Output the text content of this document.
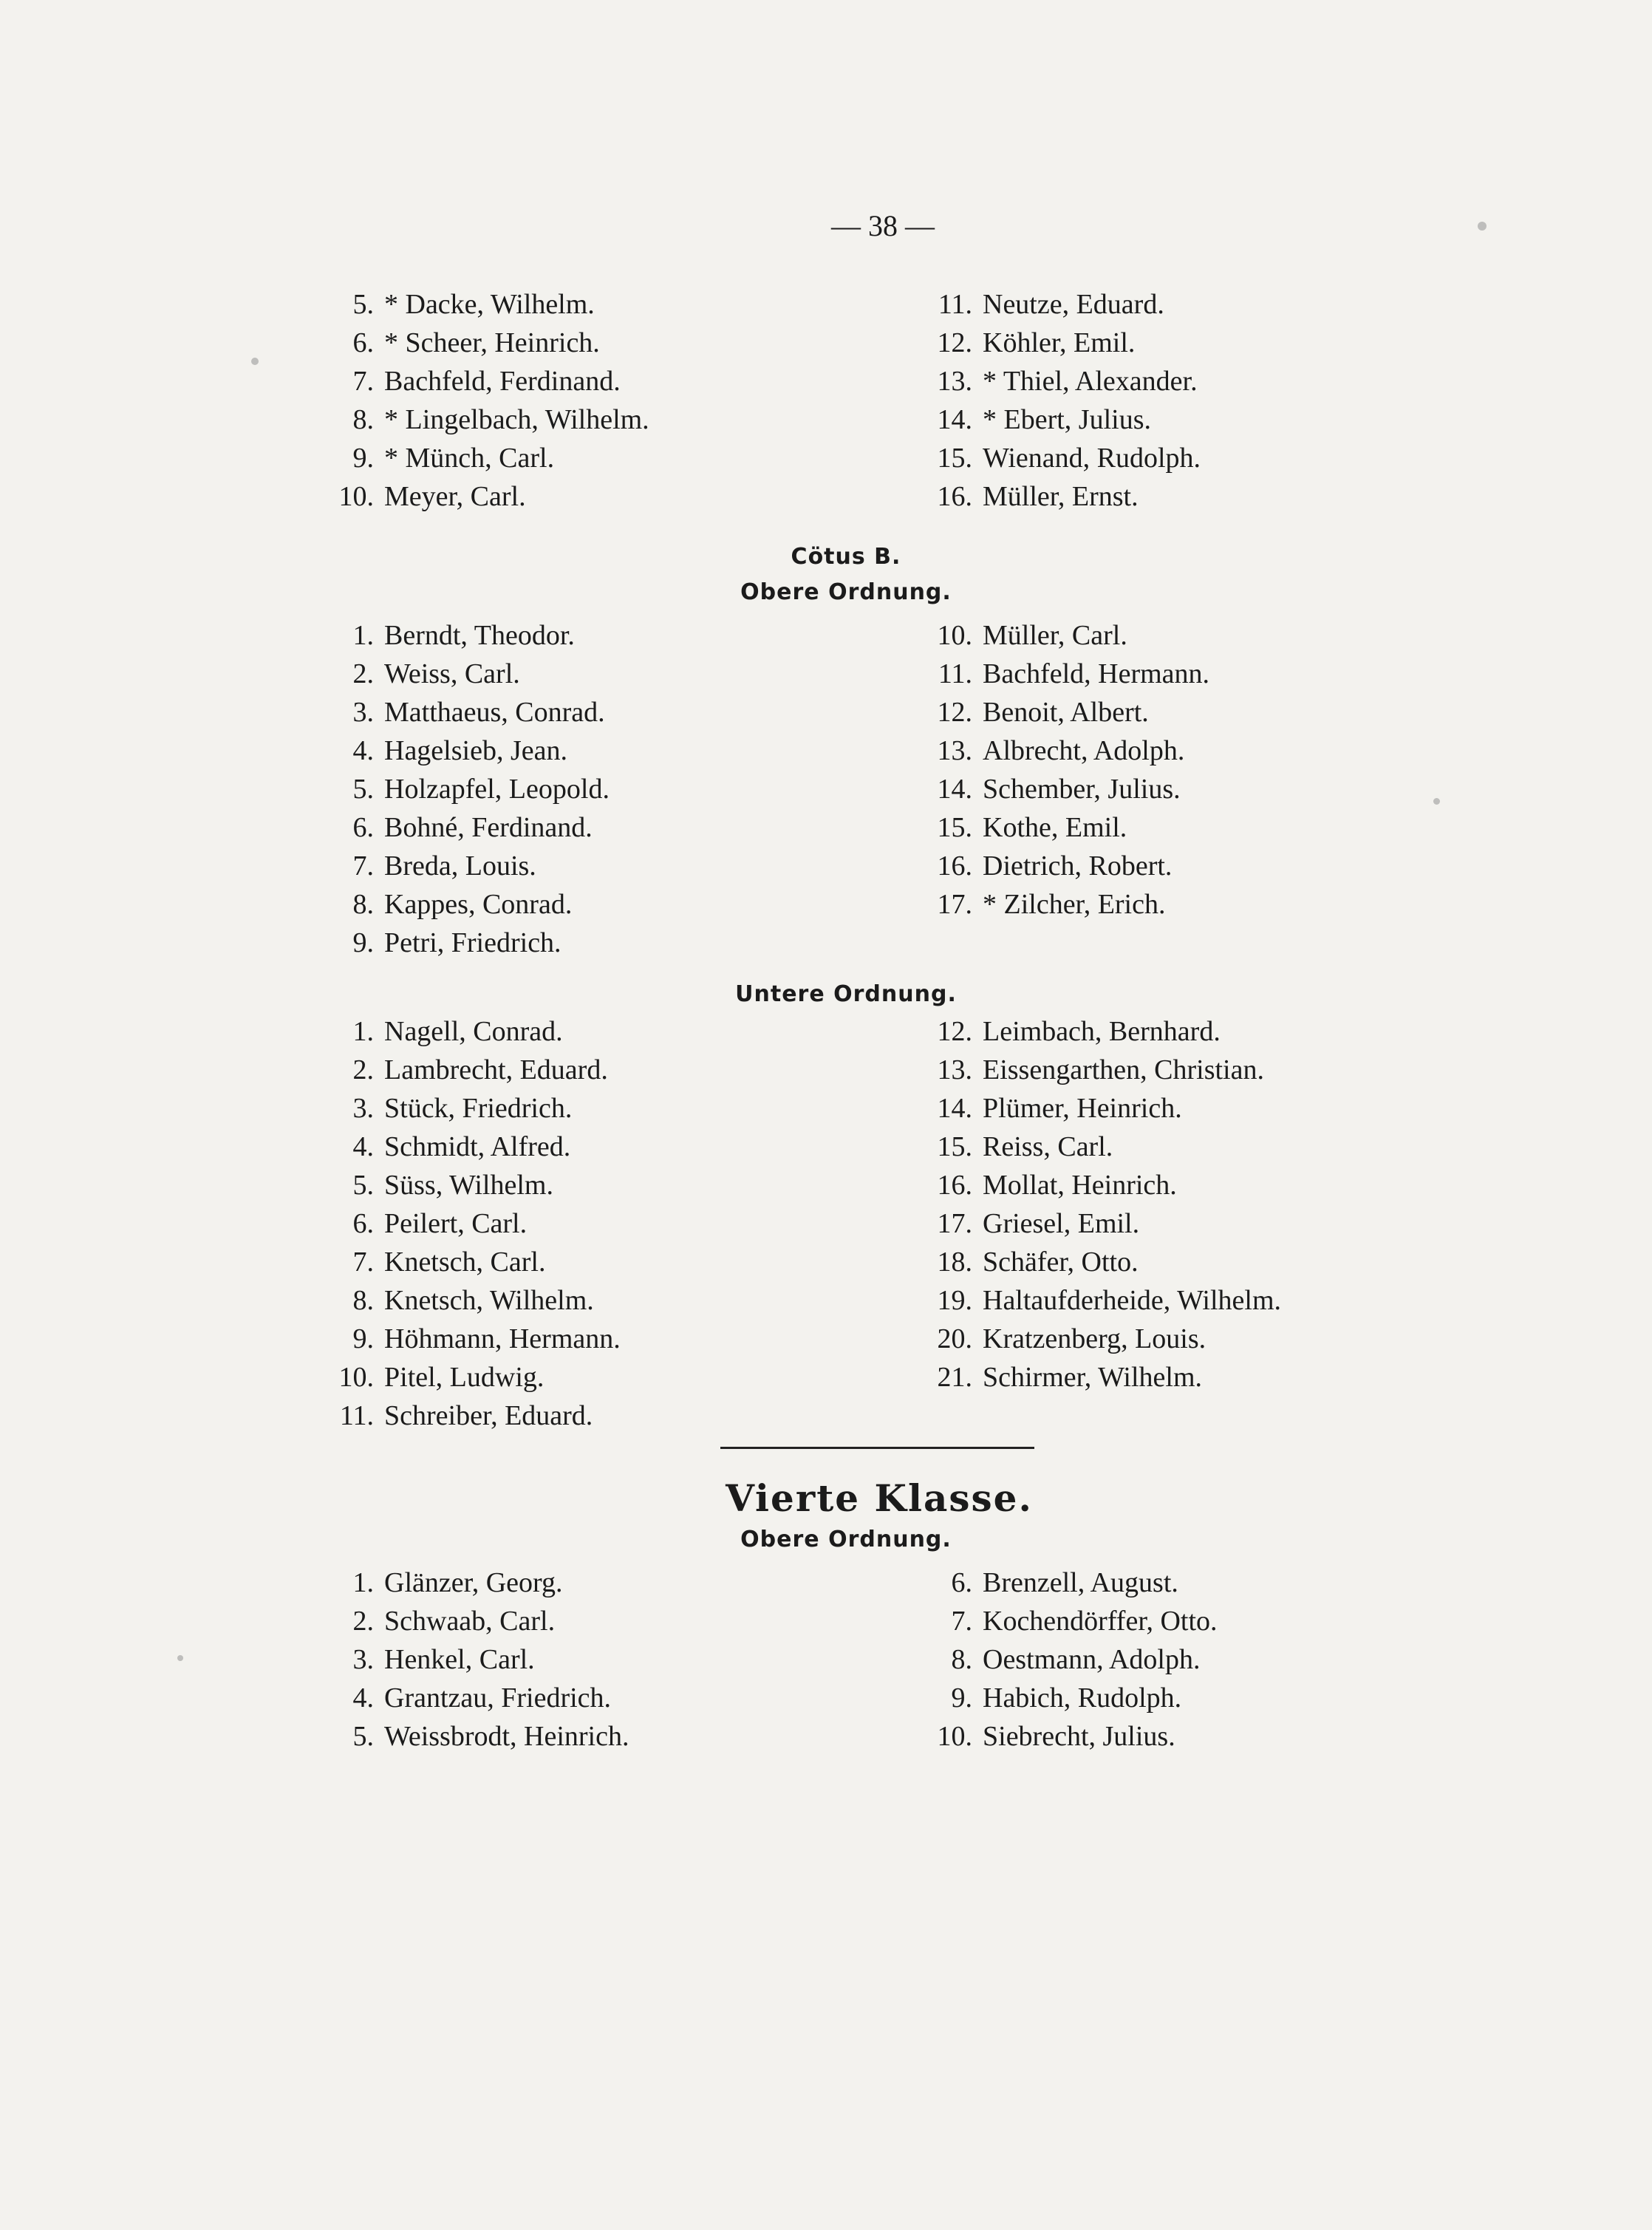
— 38 —
5. * Dacke, Wilhelm.
6. * Scheer, Heinrich.
7. Bachfeld, Ferdinand.
8. * Lingelbach, Wilhelm.
9. * Münch, Carl.
10. Meyer, Carl.
11. Neutze, Eduard.
12. Köhler, Emil.
13. * Thiel, Alexander.
14. * Ebert, Julius.
15. Wienand, Rudolph.
16. Müller, Ernst.
Cötus B.
Obere Ordnung.
1. Berndt, Theodor.
2. Weiss, Carl.
3. Matthaeus, Conrad.
4. Hagelsieb, Jean.
5. Holzapfel, Leopold.
6. Bohné, Ferdinand.
7. Breda, Louis.
8. Kappes, Conrad.
9. Petri, Friedrich.
10. Müller, Carl.
11. Bachfeld, Hermann.
12. Benoit, Albert.
13. Albrecht, Adolph.
14. Schember, Julius.
15. Kothe, Emil.
16. Dietrich, Robert.
17. * Zilcher, Erich.
Untere Ordnung.
1. Nagell, Conrad.
2. Lambrecht, Eduard.
3. Stück, Friedrich.
4. Schmidt, Alfred.
5. Süss, Wilhelm.
6. Peilert, Carl.
7. Knetsch, Carl.
8. Knetsch, Wilhelm.
9. Höhmann, Hermann.
10. Pitel, Ludwig.
11. Schreiber, Eduard.
12. Leimbach, Bernhard.
13. Eissengarthen, Christian.
14. Plümer, Heinrich.
15. Reiss, Carl.
16. Mollat, Heinrich.
17. Griesel, Emil.
18. Schäfer, Otto.
19. Haltaufderheide, Wilhelm.
20. Kratzenberg, Louis.
21. Schirmer, Wilhelm.
Vierte Klasse.
Obere Ordnung.
1. Glänzer, Georg.
2. Schwaab, Carl.
3. Henkel, Carl.
4. Grantzau, Friedrich.
5. Weissbrodt, Heinrich.
6. Brenzell, August.
7. Kochendörffer, Otto.
8. Oestmann, Adolph.
9. Habich, Rudolph.
10. Siebrecht, Julius.
